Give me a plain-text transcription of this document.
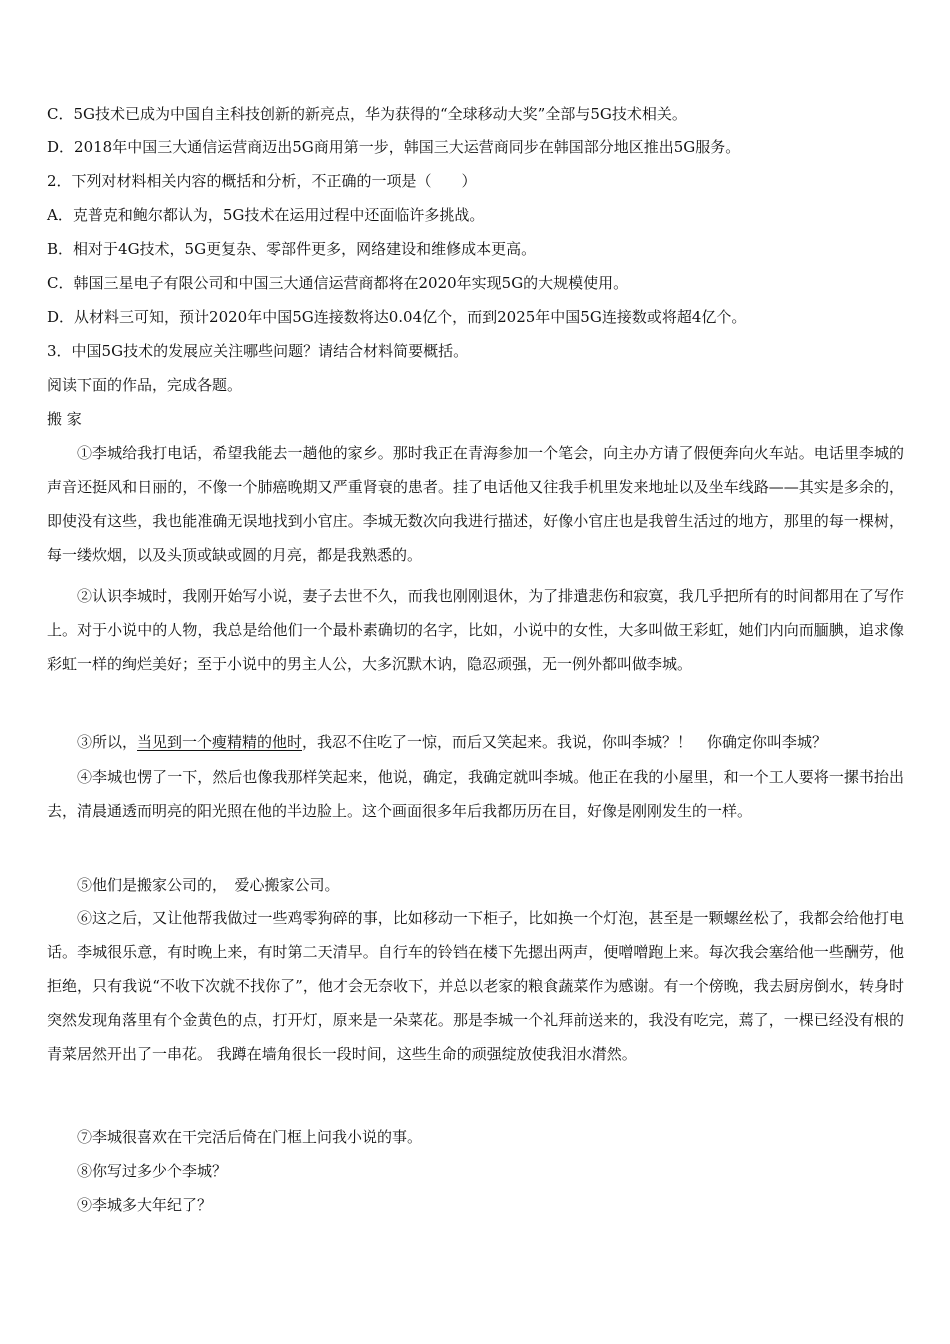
C．5G技术已成为中国自主科技创新的新亮点，华为获得的“全球移动大奖”全部与5G技术相关。
D．2018年中国三大通信运营商迈出5G商用第一步，韩国三大运营商同步在韩国部分地区推出5G服务。
2．下列对材料相关内容的概括和分析，不正确的一项是（　　）
A．克普克和鲍尔都认为，5G技术在运用过程中还面临许多挑战。
B．相对于4G技术，5G更复杂、零部件更多，网络建设和维修成本更高。
C．韩国三星电子有限公司和中国三大通信运营商都将在2020年实现5G的大规模使用。
D．从材料三可知，预计2020年中国5G连接数将达0.04亿个，而到2025年中国5G连接数或将超4亿个。
3．中国5G技术的发展应关注哪些问题？请结合材料简要概括。
阅读下面的作品，完成各题。
搬 家
①李城给我打电话，希望我能去一趟他的家乡。那时我正在青海参加一个笔会，向主办方请了假便奔向火车站。电话里李城的声音还挺风和日丽的，不像一个肺癌晚期又严重肾衰的患者。挂了电话他又往我手机里发来地址以及坐车线路——其实是多余的，即使没有这些，我也能准确无误地找到小官庄。李城无数次向我进行描述，好像小官庄也是我曾生活过的地方，那里的每一棵树，每一缕炊烟，以及头顶或缺或圆的月亮，都是我熟悉的。
②认识李城时，我刚开始写小说，妻子去世不久，而我也刚刚退休，为了排遣悲伤和寂寞，我几乎把所有的时间都用在了写作上。对于小说中的人物，我总是给他们一个最朴素确切的名字，比如，小说中的女性，大多叫做王彩虹，她们内向而腼腆，追求像彩虹一样的绚烂美好；至于小说中的男主人公，大多沉默木讷，隐忍顽强，无一例外都叫做李城。
③所以，当见到一个瘦精精的他时，我忍不住吃了一惊，而后又笑起来。我说，你叫李城？！　你确定你叫李城？
④李城也愣了一下，然后也像我那样笑起来，他说，确定，我确定就叫李城。他正在我的小屋里，和一个工人要将一摞书抬出去，清晨通透而明亮的阳光照在他的半边脸上。这个画面很多年后我都历历在目，好像是刚刚发生的一样。
⑤他们是搬家公司的，　爱心搬家公司。
⑥这之后，又让他帮我做过一些鸡零狗碎的事，比如移动一下柜子，比如换一个灯泡，甚至是一颗螺丝松了，我都会给他打电话。李城很乐意，有时晚上来，有时第二天清早。自行车的铃铛在楼下先摁出两声，便噌噌跑上来。每次我会塞给他一些酬劳，他拒绝，只有我说“不收下次就不找你了”，他才会无奈收下，并总以老家的粮食蔬菜作为感谢。有一个傍晚，我去厨房倒水，转身时突然发现角落里有个金黄色的点，打开灯，原来是一朵菜花。那是李城一个礼拜前送来的，我没有吃完，蔫了，一棵已经没有根的青菜居然开出了一串花。 我蹲在墙角很长一段时间，这些生命的顽强绽放使我泪水潸然。
⑦李城很喜欢在干完活后倚在门框上问我小说的事。
⑧你写过多少个李城？
⑨李城多大年纪了？
